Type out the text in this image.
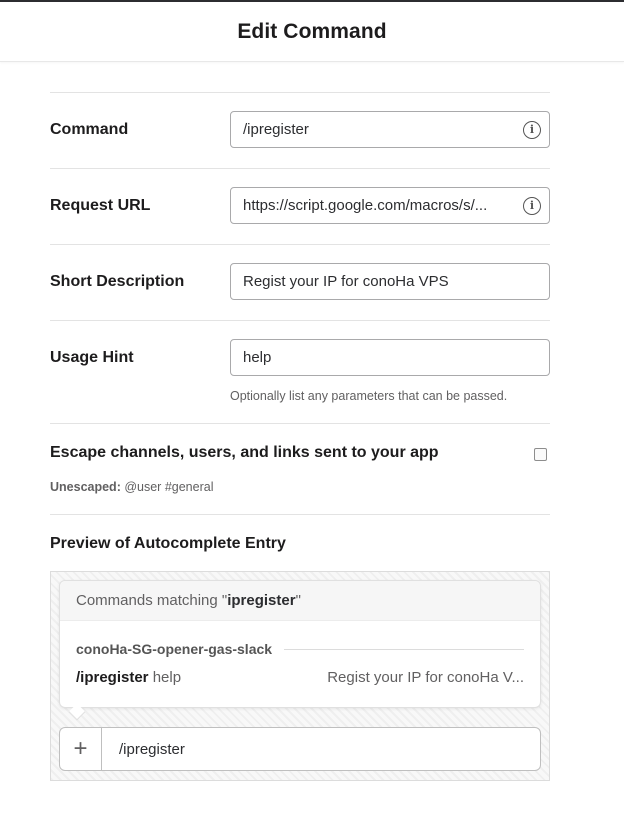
Edit Command
Command	/ipregister	i
Request URL	https://script.google.com/macros/s/...	i
Short Description	Regist your IP for conoHa VPS
Usage Hint	help
Optionally list any parameters that can be passed.
Escape channels, users, and links sent to your app
Unescaped: @user #general
Preview of Autocomplete Entry
Commands matching " ipregister "
conoHa-SG-opener-gas-slack
/ipregister help	Regist your IP for conoHa V...
+	/ipregister
